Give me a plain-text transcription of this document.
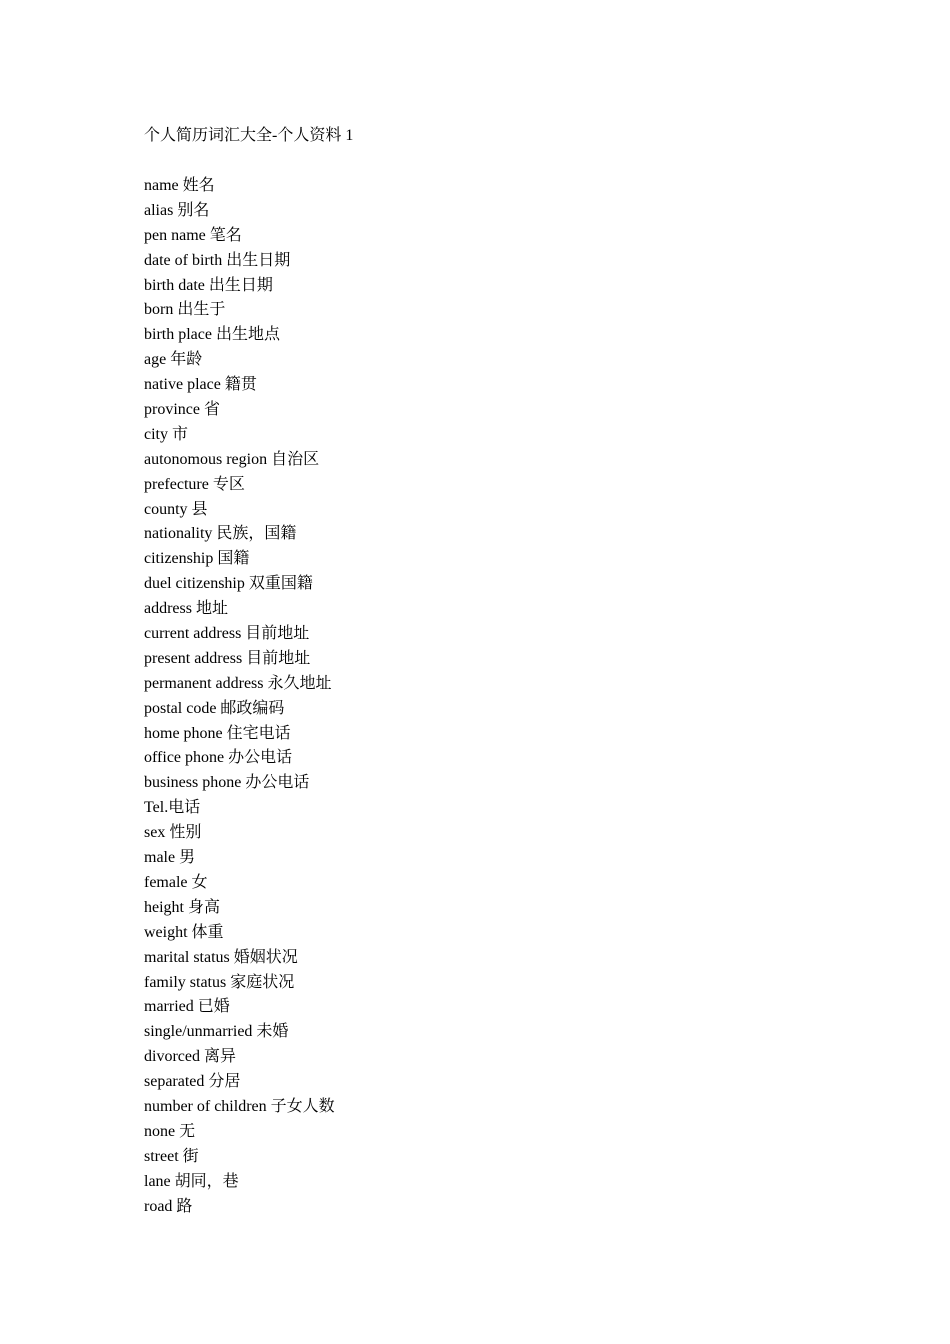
个人简历词汇大全-个人资料 1
name 姓名
alias 别名
pen name 笔名
date of birth 出生日期
birth date 出生日期
born 出生于
birth place 出生地点
age 年龄
native place 籍贯
province 省
city 市
autonomous region 自治区
prefecture 专区
county 县
nationality 民族，国籍
citizenship 国籍
duel citizenship 双重国籍
address 地址
current address 目前地址
present address 目前地址
permanent address 永久地址
postal code 邮政编码
home phone 住宅电话
office phone 办公电话
business phone 办公电话
Tel.电话
sex 性别
male 男
female 女
height 身高
weight 体重
marital status 婚姻状况
family status 家庭状况
married 已婚
single/unmarried 未婚
divorced 离异
separated 分居
number of children 子女人数
none 无
street 街
lane 胡同，巷
road 路
